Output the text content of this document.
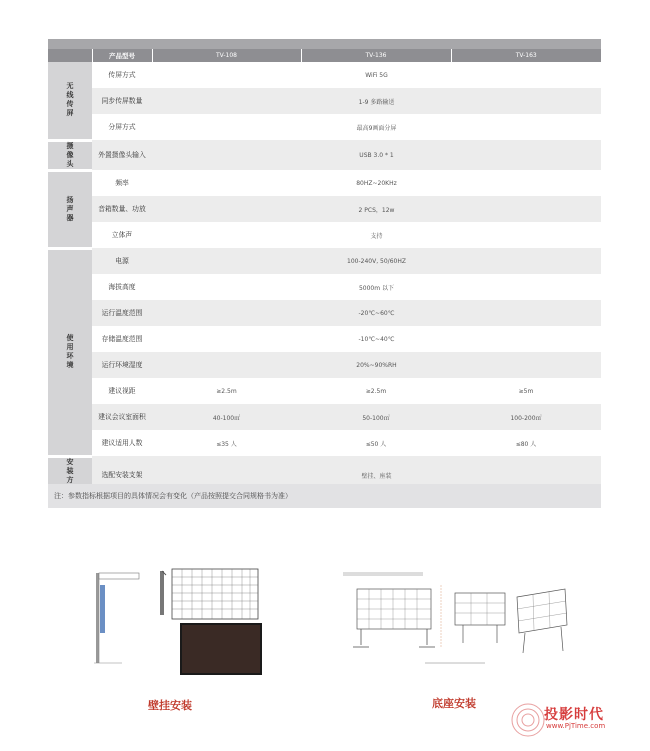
	产品型号	TV-108	TV-136	TV-163
无
线
传
屏	传屏方式	WiFi 5G		
	同步传屏数量	1-9 多路输送		
	分屏方式	最高9画面分屏		
摄
像
头	外置摄像头输入	USB 3.0 * 1		
扬
声
器	频率	80HZ~20KHz		
	音箱数量、功放	2 PCS，12w		
	立体声	支持		
使
用
环
境	电源	100-240V, 50/60HZ		
	海拔高度	5000m 以下		
	运行温度范围	-20℃~60℃		
	存储温度范围	-10℃~40℃		
	运行环境湿度	20%~90%RH		
	建议视距	≥2.5m	≥2.5m	≥5m
	建议会议室面积	40-100㎡	50-100㎡	100-200㎡
	建议适用人数	≤35 人	≤50 人	≤80 人
安
装
方	选配安装支架	壁挂、座装		
注：参数指标根据项目的具体情况会有变化（产品按照提交合同规格书为准）
壁挂安装	底座安装
投影时代
www.PjTime.com
